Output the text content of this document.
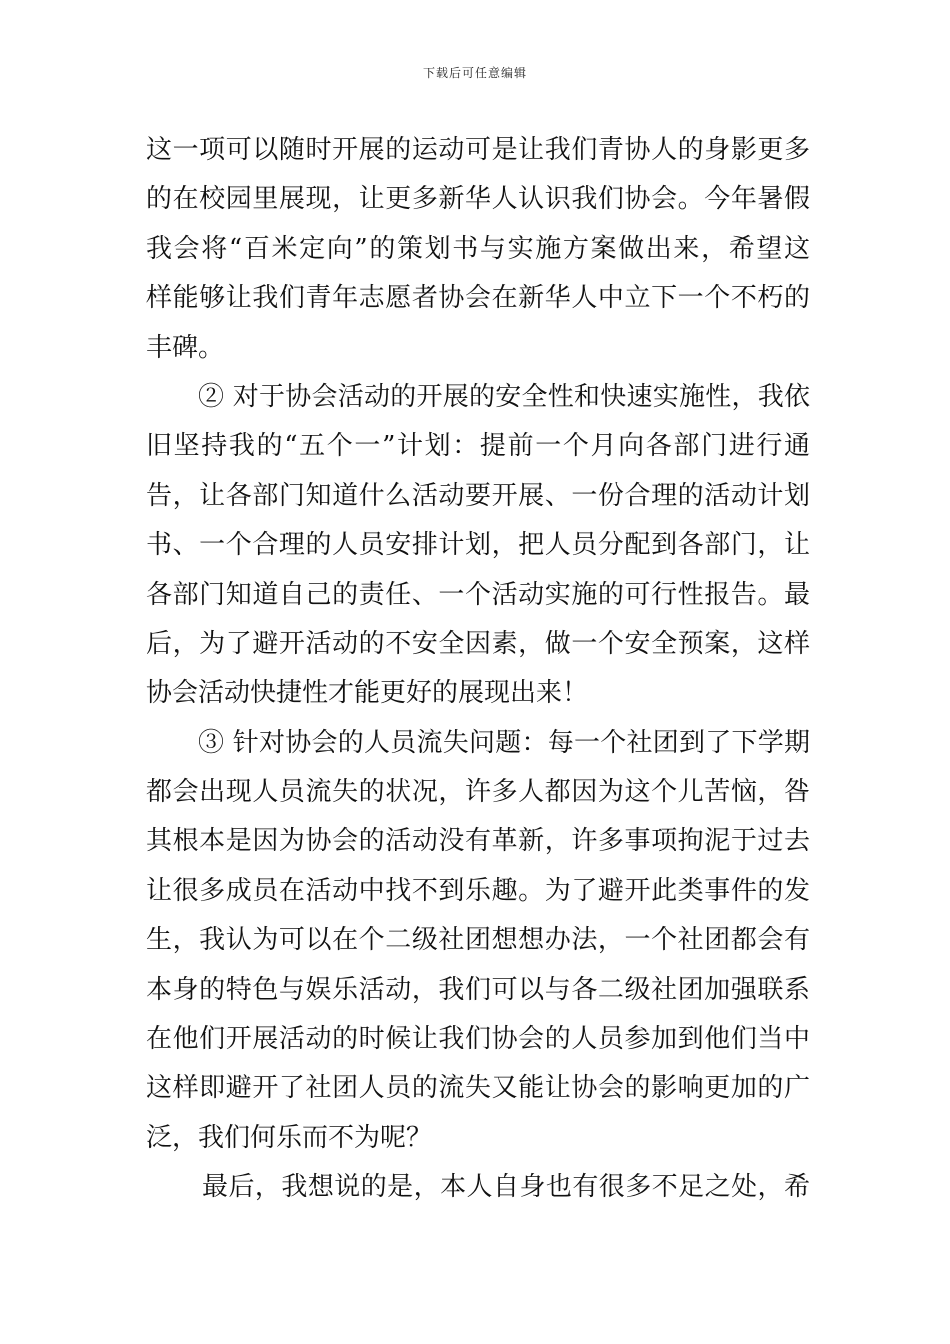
下载后可任意编辑
这一项可以随时开展的运动可是让我们青协人的身影更多
的在校园里展现，让更多新华人认识我们协会。今年暑假
我会将“百米定向”的策划书与实施方案做出来，希望这
样能够让我们青年志愿者协会在新华人中立下一个不朽的
丰碑。
② 对于协会活动的开展的安全性和快速实施性，我依
旧坚持我的“五个一”计划：提前一个月向各部门进行通
告，让各部门知道什么活动要开展、一份合理的活动计划
书、一个合理的人员安排计划，把人员分配到各部门，让
各部门知道自己的责任、一个活动实施的可行性报告。最
后，为了避开活动的不安全因素，做一个安全预案，这样
协会活动快捷性才能更好的展现出来！
③ 针对协会的人员流失问题：每一个社团到了下学期
都会出现人员流失的状况，许多人都因为这个儿苦恼，咎
其根本是因为协会的活动没有革新，许多事项拘泥于过去
让很多成员在活动中找不到乐趣。为了避开此类事件的发
生，我认为可以在个二级社团想想办法，一个社团都会有
本身的特色与娱乐活动，我们可以与各二级社团加强联系
在他们开展活动的时候让我们协会的人员参加到他们当中
这样即避开了社团人员的流失又能让协会的影响更加的广
泛，我们何乐而不为呢？
最后，我想说的是，本人自身也有很多不足之处，希
